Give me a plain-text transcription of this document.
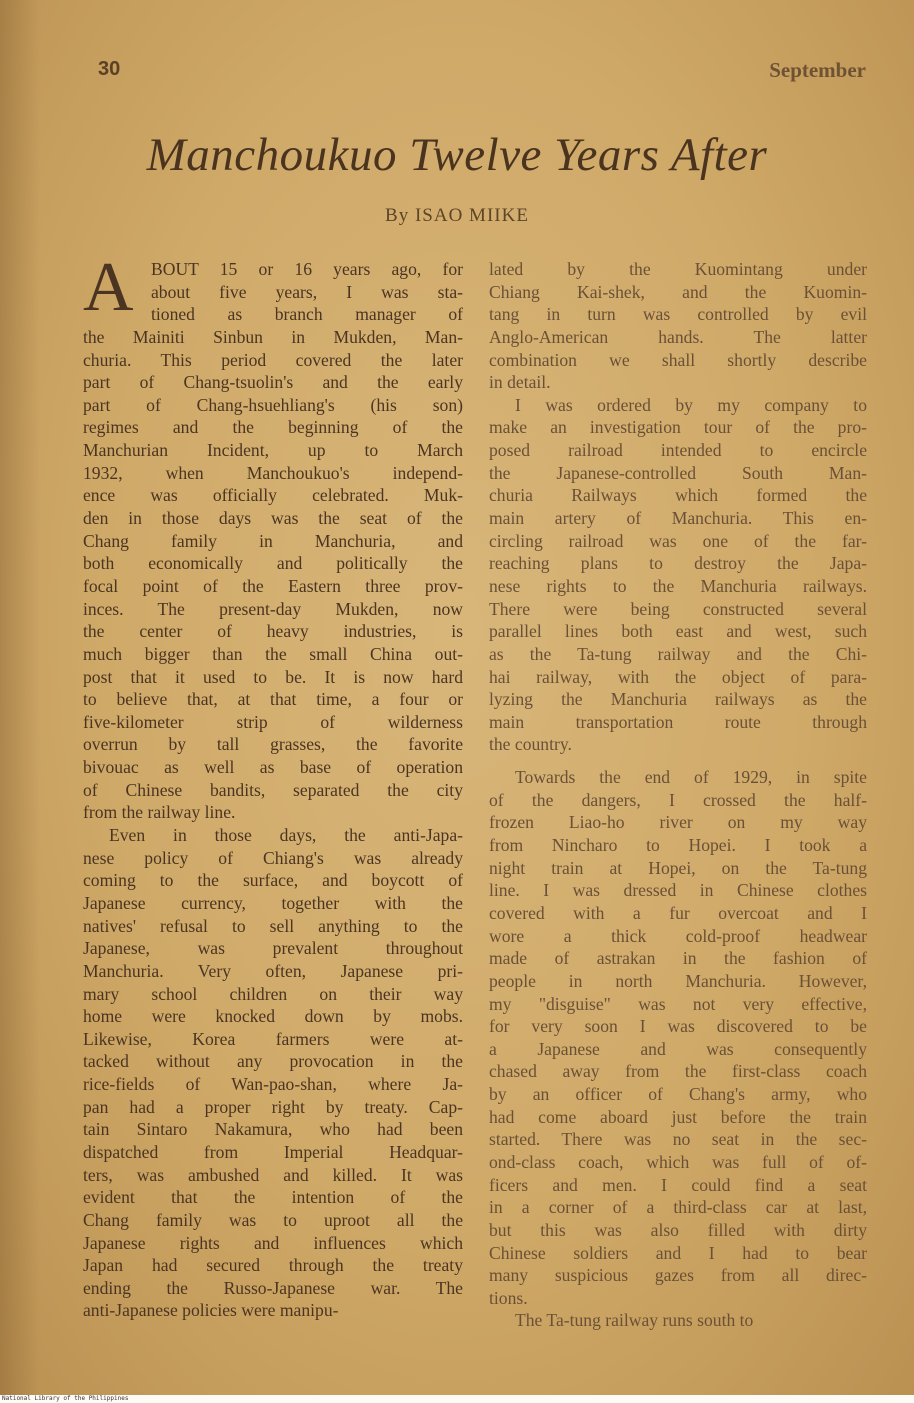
30	September
Manchoukuo Twelve Years After
By ISAO MIIKE
A BOUT 15 or 16 years ago, for
about five years, I was sta-
tioned as branch manager of
the Mainiti Sinbun in Mukden, Man-
churia. This period covered the later
part of Chang-tsuolin's and the early
part of Chang-hsuehliang's (his son)
regimes and the beginning of the
Manchurian Incident, up to March
1932, when Manchoukuo's independ-
ence was officially celebrated. Muk-
den in those days was the seat of the
Chang family in Manchuria, and
both economically and politically the
focal point of the Eastern three prov-
inces. The present-day Mukden, now
the center of heavy industries, is
much bigger than the small China out-
post that it used to be. It is now hard
to believe that, at that time, a four or
five-kilometer strip of wilderness
overrun by tall grasses, the favorite
bivouac as well as base of operation
of Chinese bandits, separated the city
from the railway line.
Even in those days, the anti-Japa-
nese policy of Chiang's was already
coming to the surface, and boycott of
Japanese currency, together with the
natives' refusal to sell anything to the
Japanese, was prevalent throughout
Manchuria. Very often, Japanese pri-
mary school children on their way
home were knocked down by mobs.
Likewise, Korea farmers were at-
tacked without any provocation in the
rice-fields of Wan-pao-shan, where Ja-
pan had a proper right by treaty. Cap-
tain Sintaro Nakamura, who had been
dispatched from Imperial Headquar-
ters, was ambushed and killed. It was
evident that the intention of the
Chang family was to uproot all the
Japanese rights and influences which
Japan had secured through the treaty
ending the Russo-Japanese war. The
anti-Japanese policies were manipu-
lated by the Kuomintang under
Chiang Kai-shek, and the Kuomin-
tang in turn was controlled by evil
Anglo-American hands. The latter
combination we shall shortly describe
in detail.
I was ordered by my company to
make an investigation tour of the pro-
posed railroad intended to encircle
the Japanese-controlled South Man-
churia Railways which formed the
main artery of Manchuria. This en-
circling railroad was one of the far-
reaching plans to destroy the Japa-
nese rights to the Manchuria railways.
There were being constructed several
parallel lines both east and west, such
as the Ta-tung railway and the Chi-
hai railway, with the object of para-
lyzing the Manchuria railways as the
main transportation route through
the country.
Towards the end of 1929, in spite
of the dangers, I crossed the half-
frozen Liao-ho river on my way
from Nincharo to Hopei. I took a
night train at Hopei, on the Ta-tung
line. I was dressed in Chinese clothes
covered with a fur overcoat and I
wore a thick cold-proof headwear
made of astrakan in the fashion of
people in north Manchuria. However,
my "disguise" was not very effective,
for very soon I was discovered to be
a Japanese and was consequently
chased away from the first-class coach
by an officer of Chang's army, who
had come aboard just before the train
started. There was no seat in the sec-
ond-class coach, which was full of of-
ficers and men. I could find a seat
in a corner of a third-class car at last,
but this was also filled with dirty
Chinese soldiers and I had to bear
many suspicious gazes from all direc-
tions.
The Ta-tung railway runs south to
National Library of the Philippines
